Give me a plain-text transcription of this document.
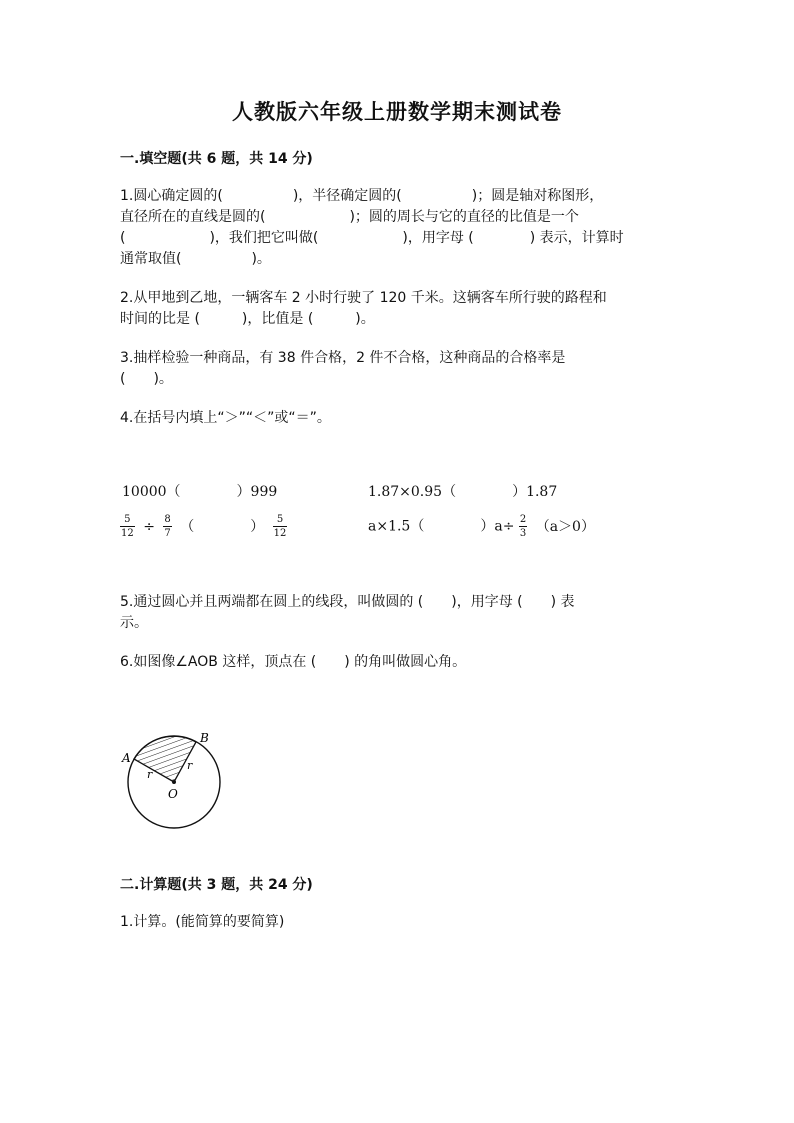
人教版六年级上册数学期末测试卷
一.填空题(共 6 题，共 14 分)
1.圆心确定圆的(　　　　　)，半径确定圆的(　　　　　)；圆是轴对称图形，
直径所在的直线是圆的(　　　　　　)；圆的周长与它的直径的比值是一个
(　　　　　　)，我们把它叫做(　　　　　　)，用字母 (　　　　) 表示，计算时
通常取值(　　　　　)。
2.从甲地到乙地，一辆客车 2 小时行驶了 120 千米。这辆客车所行驶的路程和
时间的比是 (　　　)，比值是 (　　　)。
3.抽样检验一种商品，有 38 件合格，2 件不合格，这种商品的合格率是
(　　)。
4.在括号内填上“＞”“＜”或“＝”。
10000（　　　　）999	1.87×0.95（　　　　）1.87
$\frac{5}{12} \div \frac{8}{7}$ （　　　　） $\frac{5}{12}$	a×1.5（　　　　）$a\div \frac{2}{3} (a>0)$
5.通过圆心并且两端都在圆上的线段，叫做圆的 (　　)，用字母 (　　) 表
示。
6.如图像∠AOB 这样，顶点在 (　　) 的角叫做圆心角。
A
B
O
r
r
二.计算题(共 3 题，共 24 分)
1.计算。(能简算的要简算)
